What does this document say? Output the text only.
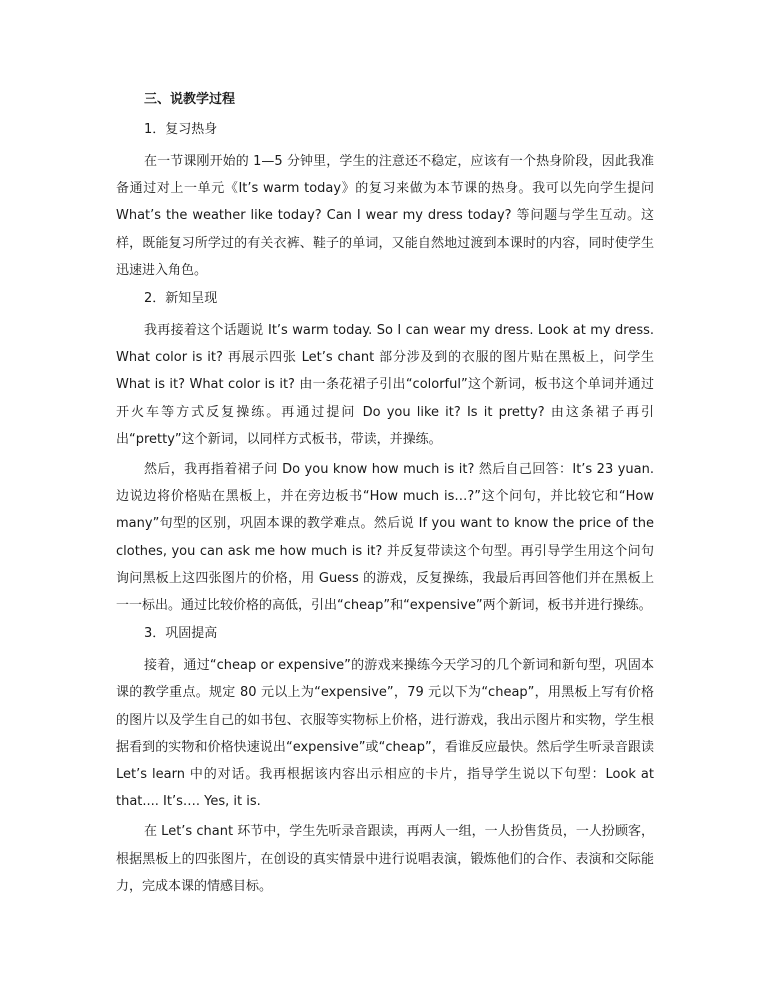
三、说教学过程
1．复习热身

在一节课刚开始的 1—5 分钟里，学生的注意还不稳定，应该有一个热身阶段，因此我准备通过对上一单元《It’s warm today》的复习来做为本节课的热身。我可以先向学生提问 What’s the weather like today? Can I wear my dress today? 等问题与学生互动。这样，既能复习所学过的有关衣裤、鞋子的单词，又能自然地过渡到本课时的内容，同时使学生迅速进入角色。

2．新知呈现

我再接着这个话题说 It’s warm today. So I can wear my dress. Look at my dress. What color is it? 再展示四张 Let’s chant 部分涉及到的衣服的图片贴在黑板上，问学生 What is it? What color is it? 由一条花裙子引出“colorful”这个新词，板书这个单词并通过开火车等方式反复操练。再通过提问 Do you like it? Is it pretty? 由这条裙子再引出“pretty”这个新词，以同样方式板书，带读，并操练。

然后，我再指着裙子问 Do you know how much is it? 然后自己回答：It’s 23 yuan. 边说边将价格贴在黑板上，并在旁边板书“How much is…?”这个问句，并比较它和“How many”句型的区别，巩固本课的教学难点。然后说 If you want to know the price of the clothes, you can ask me how much is it? 并反复带读这个句型。再引导学生用这个问句询问黑板上这四张图片的价格，用 Guess 的游戏，反复操练，我最后再回答他们并在黑板上一一标出。通过比较价格的高低，引出“cheap”和“expensive”两个新词，板书并进行操练。

3．巩固提高

接着，通过“cheap or expensive”的游戏来操练今天学习的几个新词和新句型，巩固本课的教学重点。规定 80 元以上为“expensive”，79 元以下为“cheap”，用黑板上写有价格的图片以及学生自己的如书包、衣服等实物标上价格，进行游戏，我出示图片和实物，学生根据看到的实物和价格快速说出“expensive”或“cheap”，看谁反应最快。然后学生听录音跟读 Let’s learn 中的对话。我再根据该内容出示相应的卡片，指导学生说以下句型：Look at that.... It’s…. Yes, it is.

在 Let’s chant 环节中，学生先听录音跟读，再两人一组，一人扮售货员，一人扮顾客，根据黑板上的四张图片，在创设的真实情景中进行说唱表演，锻炼他们的合作、表演和交际能力，完成本课的情感目标。
